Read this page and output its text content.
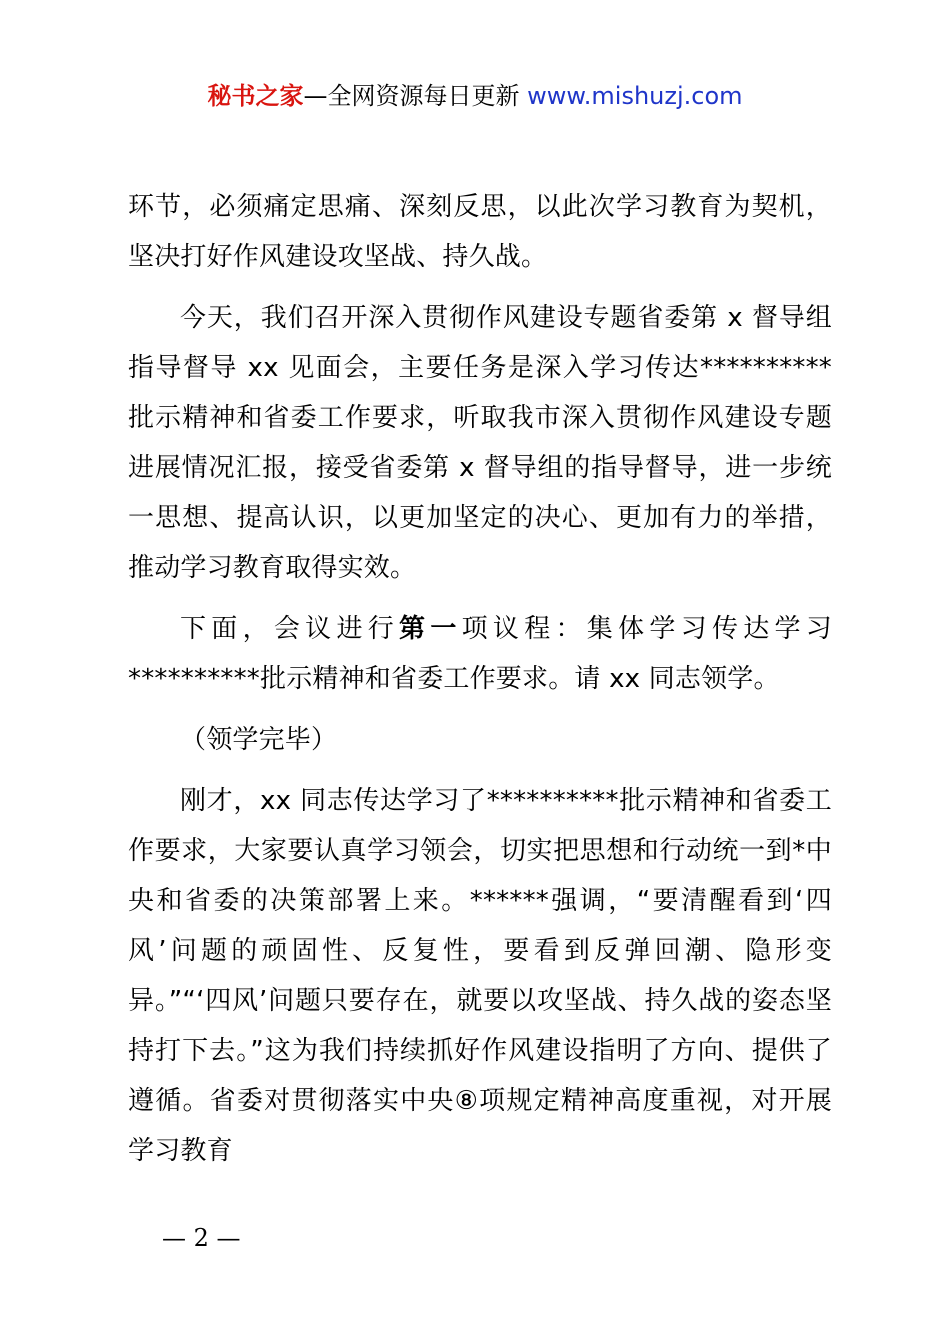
秘书之家—全网资源每日更新 www.mishuzj.com

环节，必须痛定思痛、深刻反思，以此次学习教育为契机，坚决打好作风建设攻坚战、持久战。

今天，我们召开深入贯彻作风建设专题省委第 x 督导组指导督导 xx 见面会，主要任务是深入学习传达**********批示精神和省委工作要求，听取我市深入贯彻作风建设专题进展情况汇报，接受省委第 x 督导组的指导督导，进一步统一思想、提高认识，以更加坚定的决心、更加有力的举措，推动学习教育取得实效。

下面，会议进行第一项议程：集体学习传达学习**********批示精神和省委工作要求。请 xx 同志领学。

（领学完毕）

刚才，xx 同志传达学习了**********批示精神和省委工作要求，大家要认真学习领会，切实把思想和行动统一到*中央和省委的决策部署上来。******强调，“要清醒看到‘四风’问题的顽固性、反复性，要看到反弹回潮、隐形变异。”“‘四风’问题只要存在，就要以攻坚战、持久战的姿态坚持打下去。”这为我们持续抓好作风建设指明了方向、提供了遵循。省委对贯彻落实中央⑧项规定精神高度重视，对开展学习教育

— 2 —
